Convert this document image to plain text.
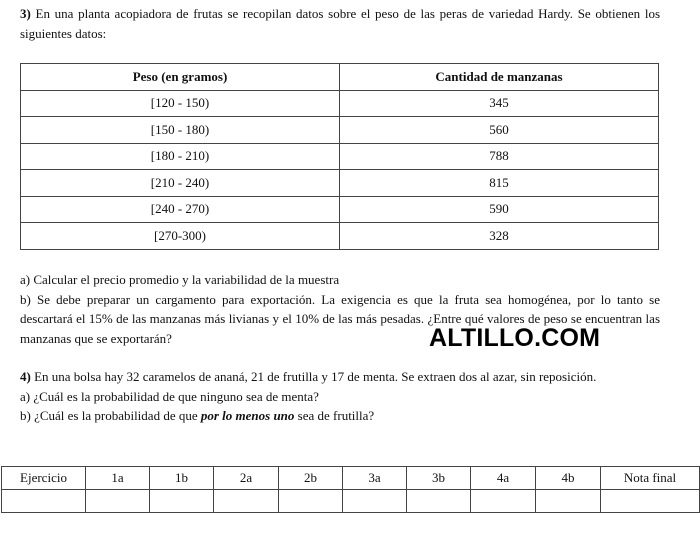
3) En una planta acopiadora de frutas se recopilan datos sobre el peso de las peras de variedad Hardy. Se obtienen los siguientes datos:
Peso (en gramos)	Cantidad de manzanas
[120 - 150)	345
[150 - 180)	560
[180 - 210)	788
[210 - 240)	815
[240 - 270)	590
[270-300)	328
a) Calcular el precio promedio y la variabilidad de la muestra
b) Se debe preparar un cargamento para exportación. La exigencia es que la fruta sea homogénea, por lo tanto se descartará el 15% de las manzanas más livianas y el 10% de las más pesadas. ¿Entre qué valores de peso se encuentran las manzanas que se exportarán?	ALTILLO.COM
4) En una bolsa hay 32 caramelos de ananá, 21 de frutilla y 17 de menta. Se extraen dos al azar, sin reposición.
a) ¿Cuál es la probabilidad de que ninguno sea de menta?
b) ¿Cuál es la probabilidad de que por lo menos uno sea de frutilla?
Ejercicio	1a	1b	2a	2b	3a	3b	4a	4b	Nota final
